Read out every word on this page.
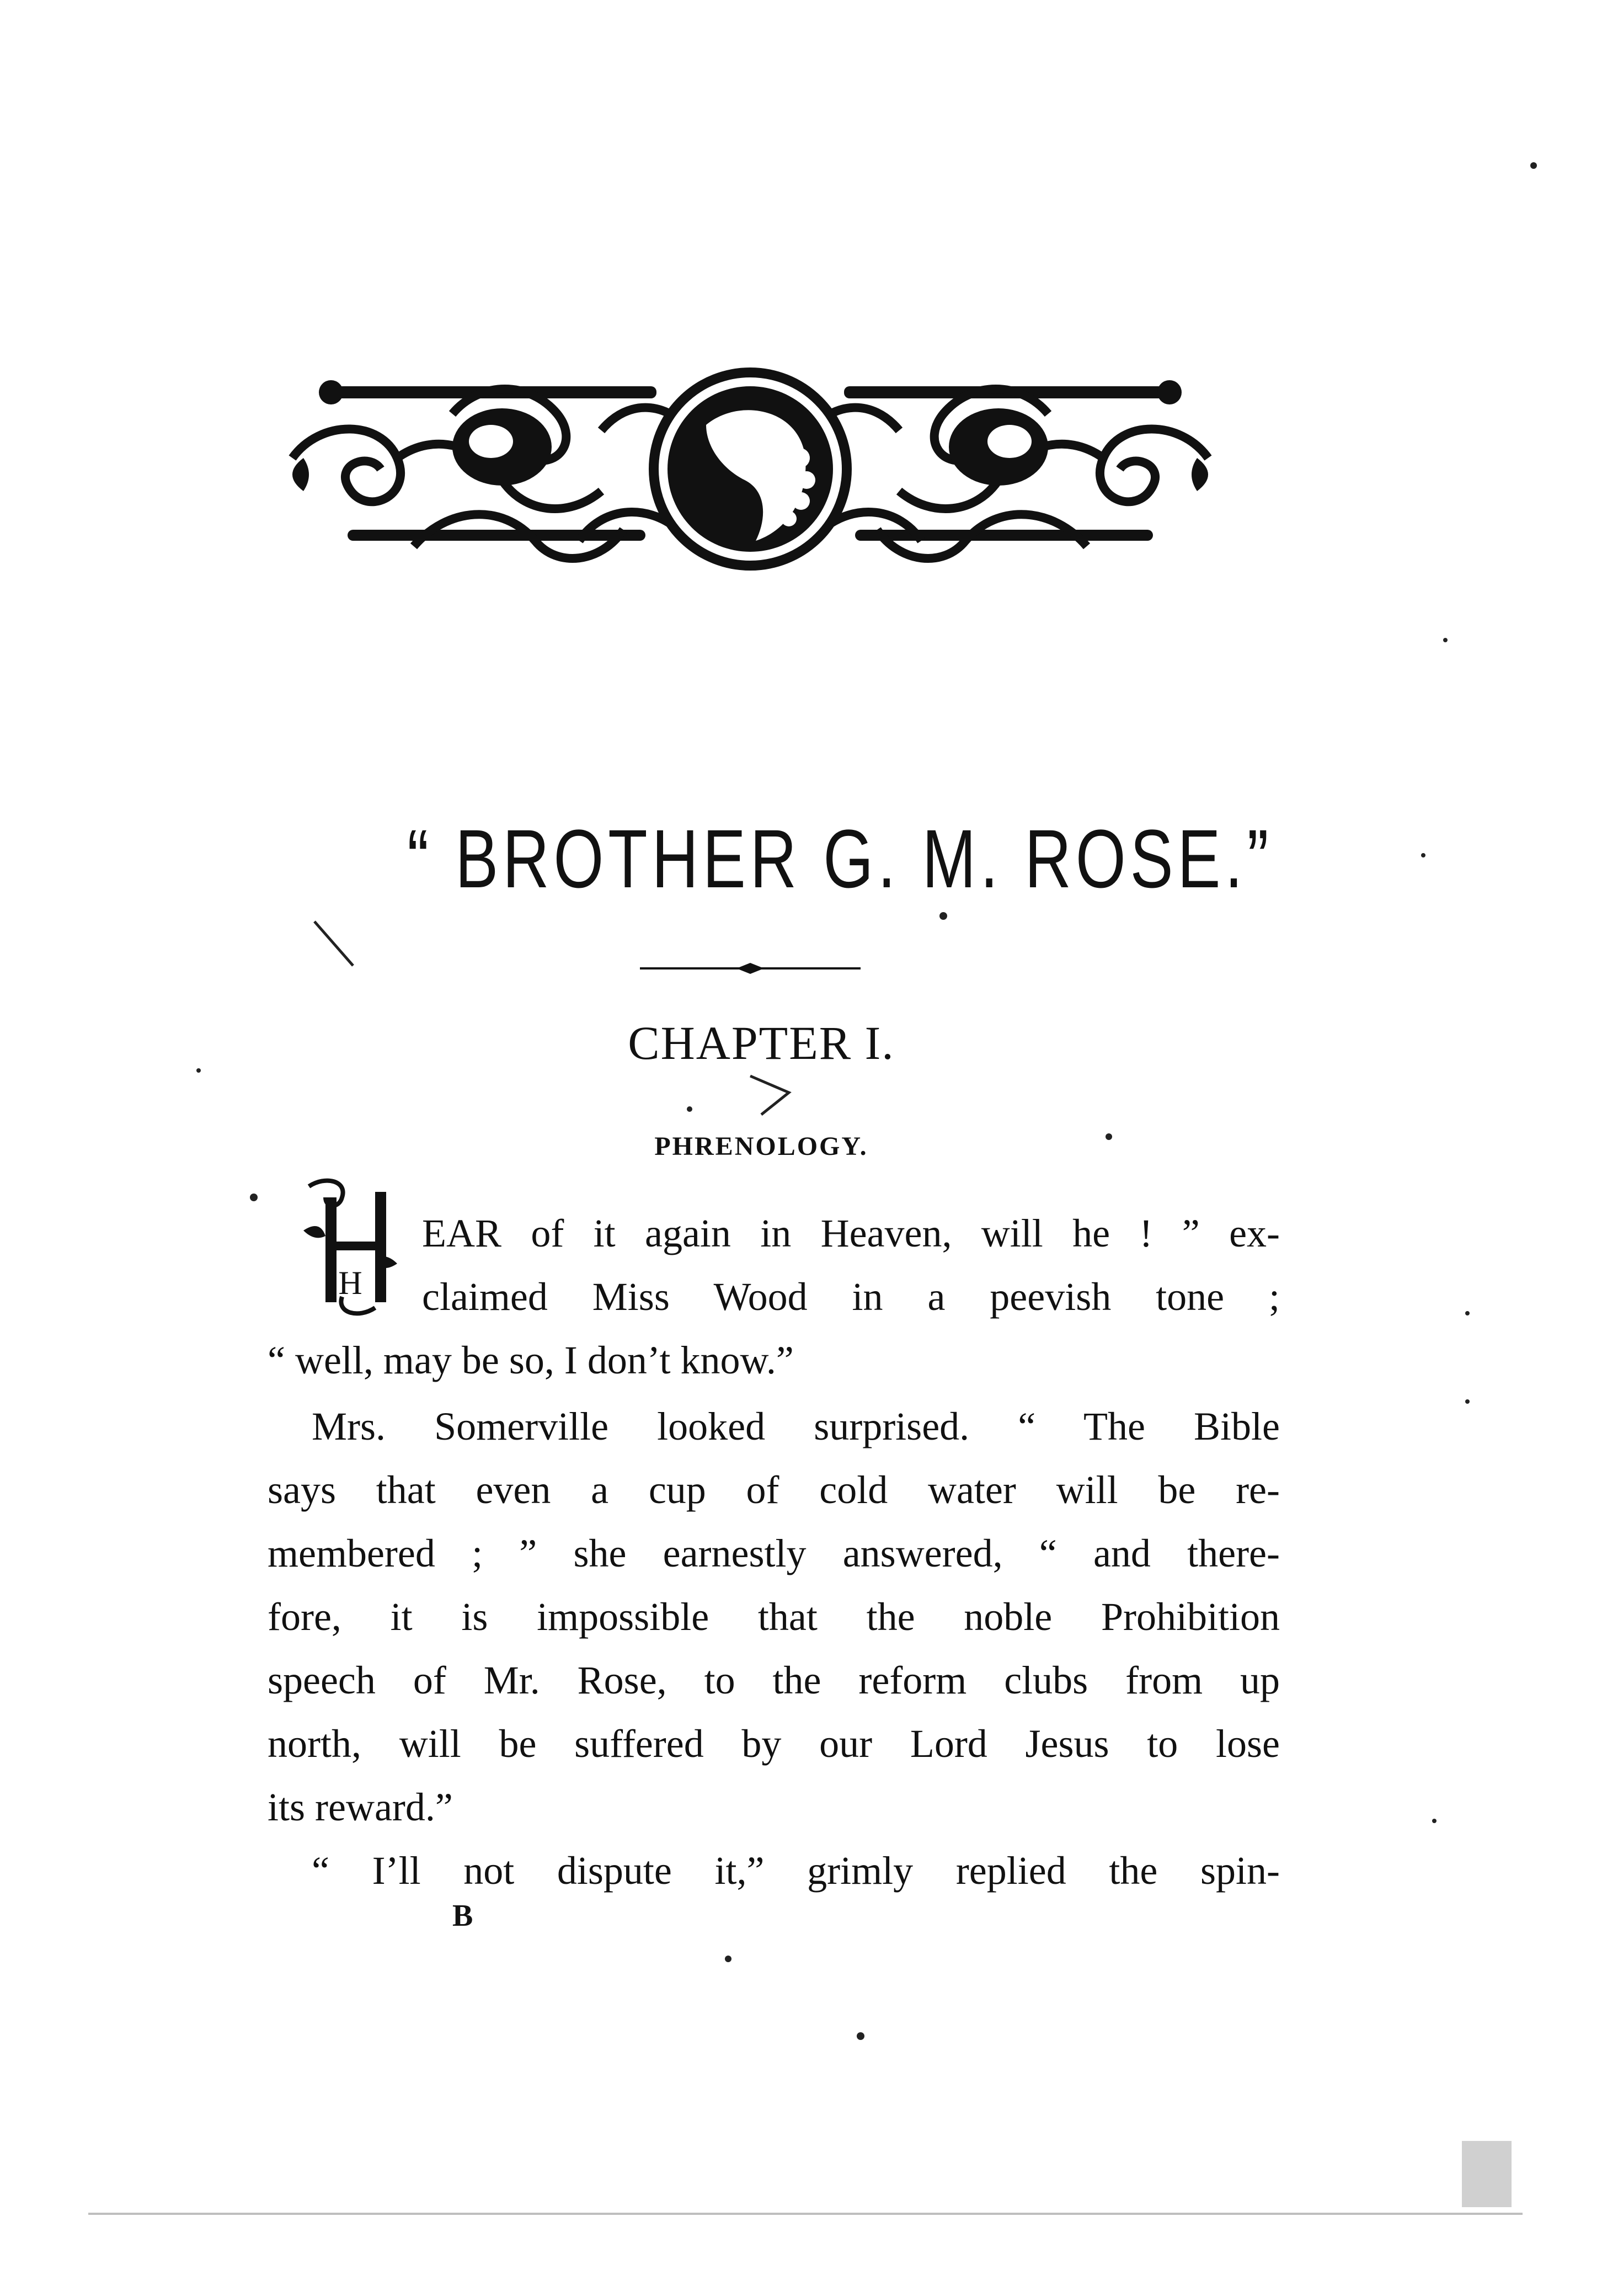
“ BROTHER G. M. ROSE.”
CHAPTER I.
PHRENOLOGY.
H
EAR of it again in Heaven, will he ! ” ex-
claimed Miss Wood in a peevish tone ;
“ well, may be so, I don’t know.”
Mrs. Somerville looked surprised. “ The Bible
says that even a cup of cold water will be re-
membered ; ” she earnestly answered, “ and there-
fore, it is impossible that the noble Prohibition
speech of Mr. Rose, to the reform clubs from up
north, will be suffered by our Lord Jesus to lose
its reward.”
“ I’ll not dispute it,” grimly replied the spin-
B
